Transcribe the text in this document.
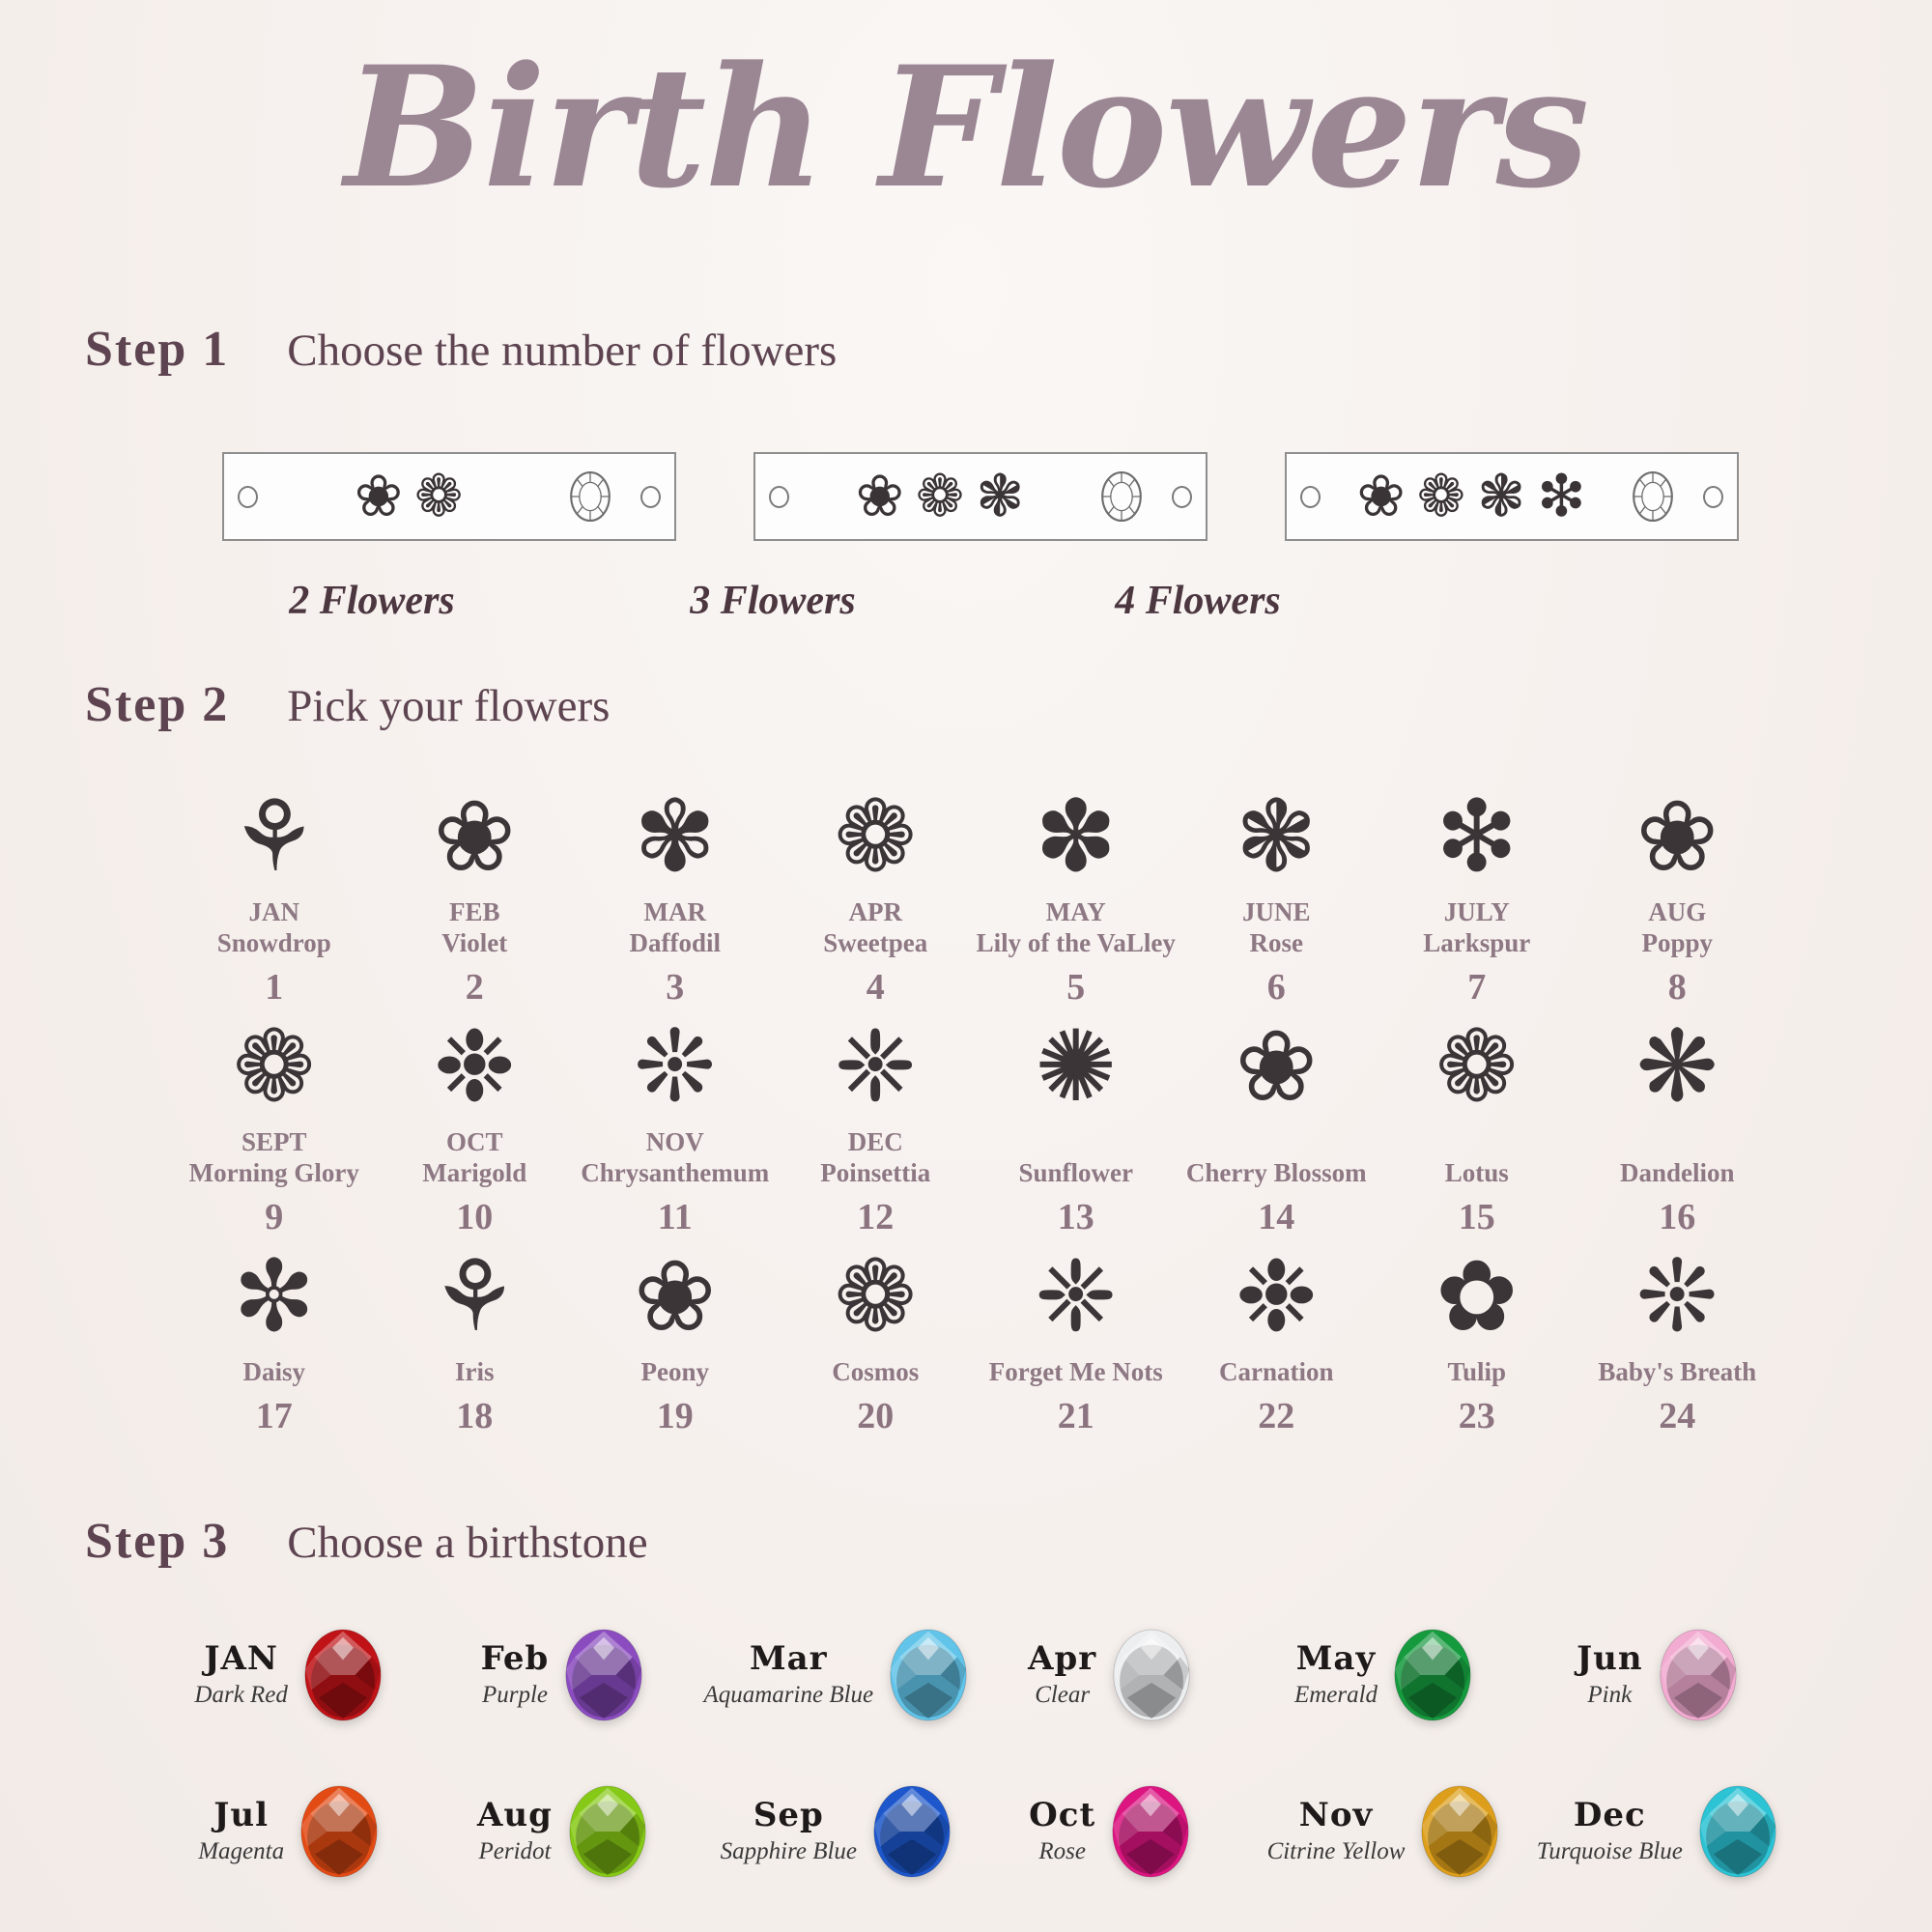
Birth Flowers
Step 1 Choose the number of flowers
❀ ❁	❀ ❁ ❃	❀ ❁ ❃ ❇
2 Flowers	3 Flowers	4 Flowers
Step 2 Pick your flowers
⚘
JAN
Snowdrop
1
❀
FEB
Violet
2
✾
MAR
Daffodil
3
❁
APR
Sweetpea
4
✽
MAY
Lily of the VaLley
5
❃
JUNE
Rose
6
❇
JULY
Larkspur
7
❀
AUG
Poppy
8
❁
SEPT
Morning Glory
9
❉
OCT
Marigold
10
❊
NOV
Chrysanthemum
11
❈
DEC
Poinsettia
12
✺
Sunflower
13
❀
Cherry Blossom
14
❁
Lotus
15
❋
Dandelion
16
✼
Daisy
17
⚘
Iris
18
❀
Peony
19
❁
Cosmos
20
❈
Forget Me Nots
21
❉
Carnation
22
✿
Tulip
23
❊
Baby's Breath
24
Step 3 Choose a birthstone
JAN
Dark Red
Feb
Purple
Mar
Aquamarine Blue
Apr
Clear
May
Emerald
Jun
Pink
Jul
Magenta
Aug
Peridot
Sep
Sapphire Blue
Oct
Rose
Nov
Citrine Yellow
Dec
Turquoise Blue
